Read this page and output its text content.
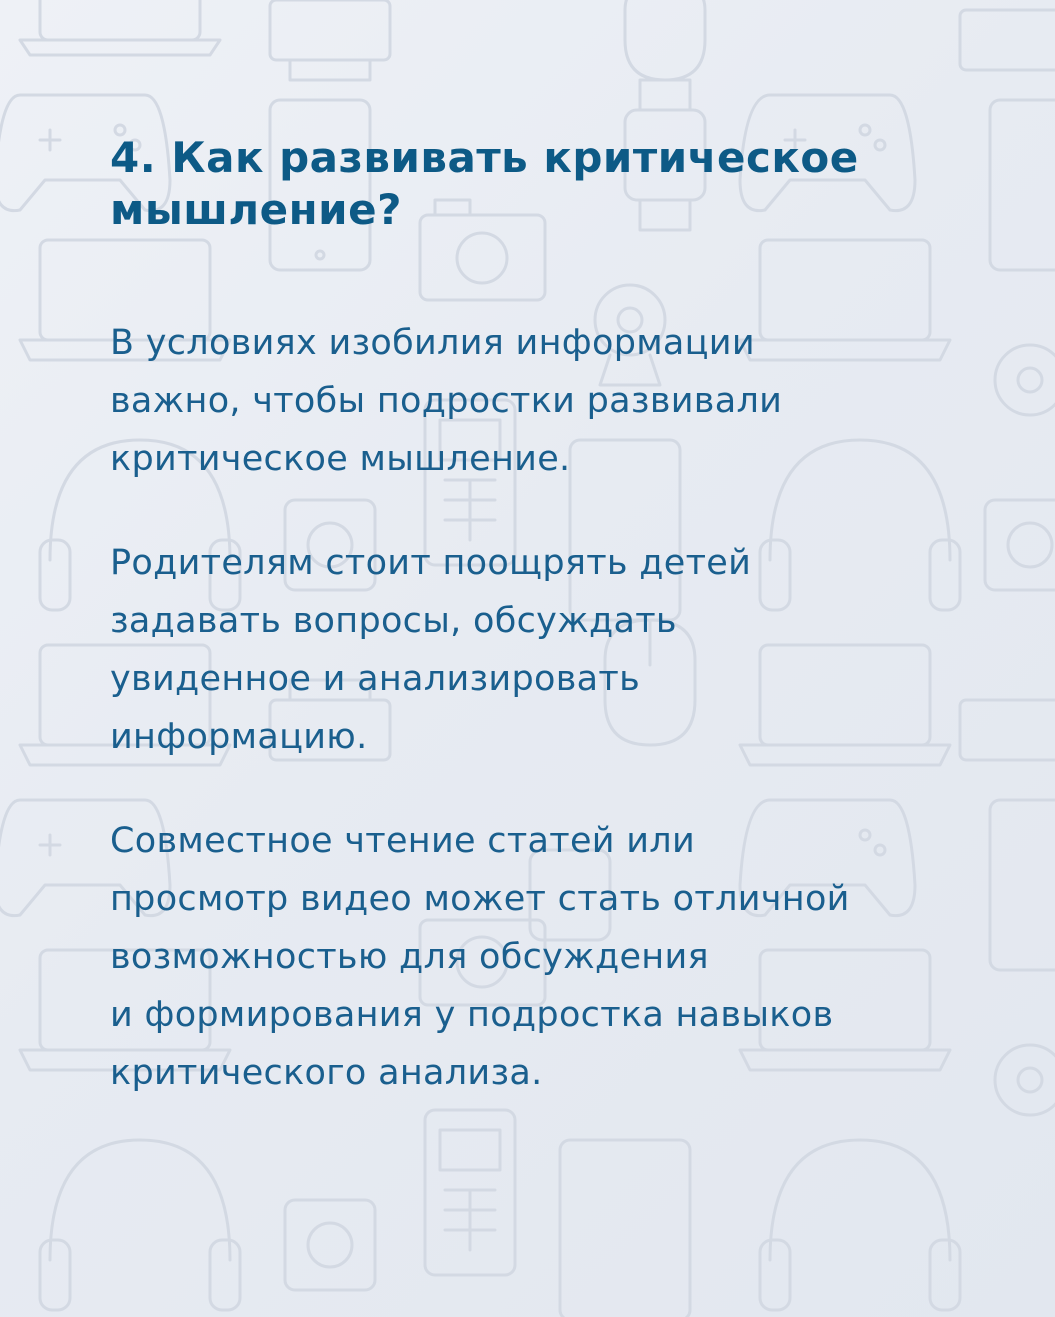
4. Как развивать критическое
мышление?

В условиях изобилия информации
важно, чтобы подростки развивали
критическое мышление.

Родителям стоит поощрять детей
задавать вопросы, обсуждать
увиденное и анализировать
информацию.

Совместное чтение статей или
просмотр видео может стать отличной
возможностью для обсуждения
и формирования у подростка навыков
критического анализа.
